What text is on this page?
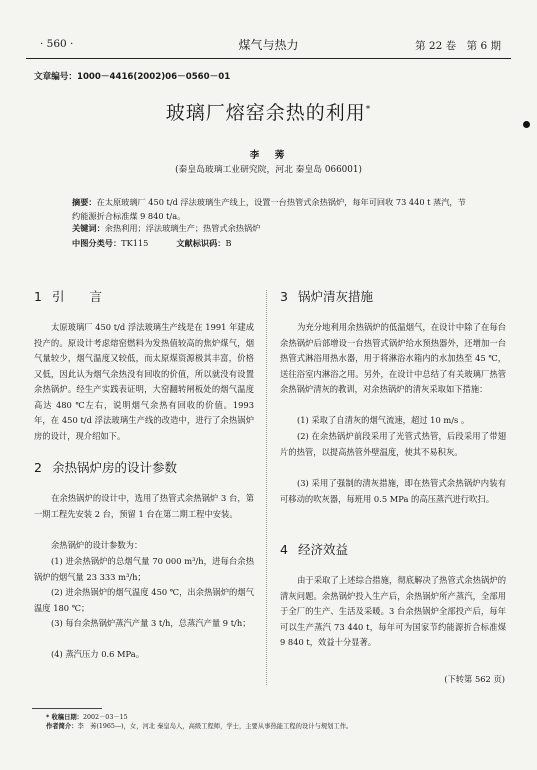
· 560 ·	煤气与热力	第 22 卷　第 6 期
文章编号：1000－4416(2002)06－0560－01
玻璃厂熔窑余热的利用*
李　莠
(秦皇岛玻璃工业研究院，河北 秦皇岛 066001)
摘要：在太原玻璃厂 450 t/d 浮法玻璃生产线上，设置一台热管式余热锅炉，每年可回收 73 440 t 蒸汽，节约能源折合标准煤 9 840 t/a。
关键词：余热利用；浮法玻璃生产；热管式余热锅炉
中图分类号：TK115	文献标识码：B
1 引　　言
太原玻璃厂 450 t/d 浮法玻璃生产线是在 1991 年建成投产的。原设计考虑熔窑燃料为发热值较高的焦炉煤气，烟气量较少，烟气温度又较低，而太原煤资源极其丰富，价格又低，因此认为烟气余热没有回收的价值，所以就没有设置余热锅炉。经生产实践表证明，大窑翻转闸板处的烟气温度高达 480 ℃左右，说明烟气余热有回收的价值。1993 年，在 450 t/d 浮法玻璃生产线的改造中，进行了余热锅炉房的设计，现介绍如下。
2 余热锅炉房的设计参数
在余热锅炉的设计中，选用了热管式余热锅炉 3 台，第一期工程先安装 2 台，预留 1 台在第二期工程中安装。
余热锅炉的设计参数为：
(1) 进余热锅炉的总烟气量 70 000 m³/h，进每台余热锅炉的烟气量 23 333 m³/h；
(2) 进余热锅炉的烟气温度 450 ℃，出余热锅炉的烟气温度 180 ℃；
(3) 每台余热锅炉蒸汽产量 3 t/h，总蒸汽产量 9 t/h；
(4) 蒸汽压力 0.6 MPa。
3 锅炉清灰措施
为充分地利用余热锅炉的低温烟气，在设计中除了在每台余热锅炉后部增设一台热管式锅炉给水预热器外，还增加一台热管式淋浴用热水器，用于将淋浴水箱内的水加热至 45 ℃，送往浴室内淋浴之用。另外，在设计中总结了有关玻璃厂热管余热锅炉清灰的教训，对余热锅炉的清灰采取如下措施：
(1) 采取了自清灰的烟气流速，超过 10 m/s 。
(2) 在余热锅炉前段采用了光管式热管，后段采用了带翅片的热管，以提高热管外壁温度，使其不易积灰。
(3) 采用了强制的清灰措施，即在热管式余热锅炉内装有可移动的吹灰器，每班用 0.5 MPa 的高压蒸汽进行吹扫。
4 经济效益
由于采取了上述综合措施，彻底解决了热管式余热锅炉的清灰问题。余热锅炉投入生产后，余热锅炉所产蒸汽，全部用于全厂的生产、生活及采暖。3 台余热锅炉全部投产后，每年可以生产蒸汽 73 440 t，每年可为国家节约能源折合标准煤 9 840 t，效益十分显著。
(下转第 562 页)
* 收稿日期：2002－03－15
作者简介：李　莠(1965—)，女，河北 秦皇岛人，高级工程师，学士，主要从事热能工程的设计与规划工作。
